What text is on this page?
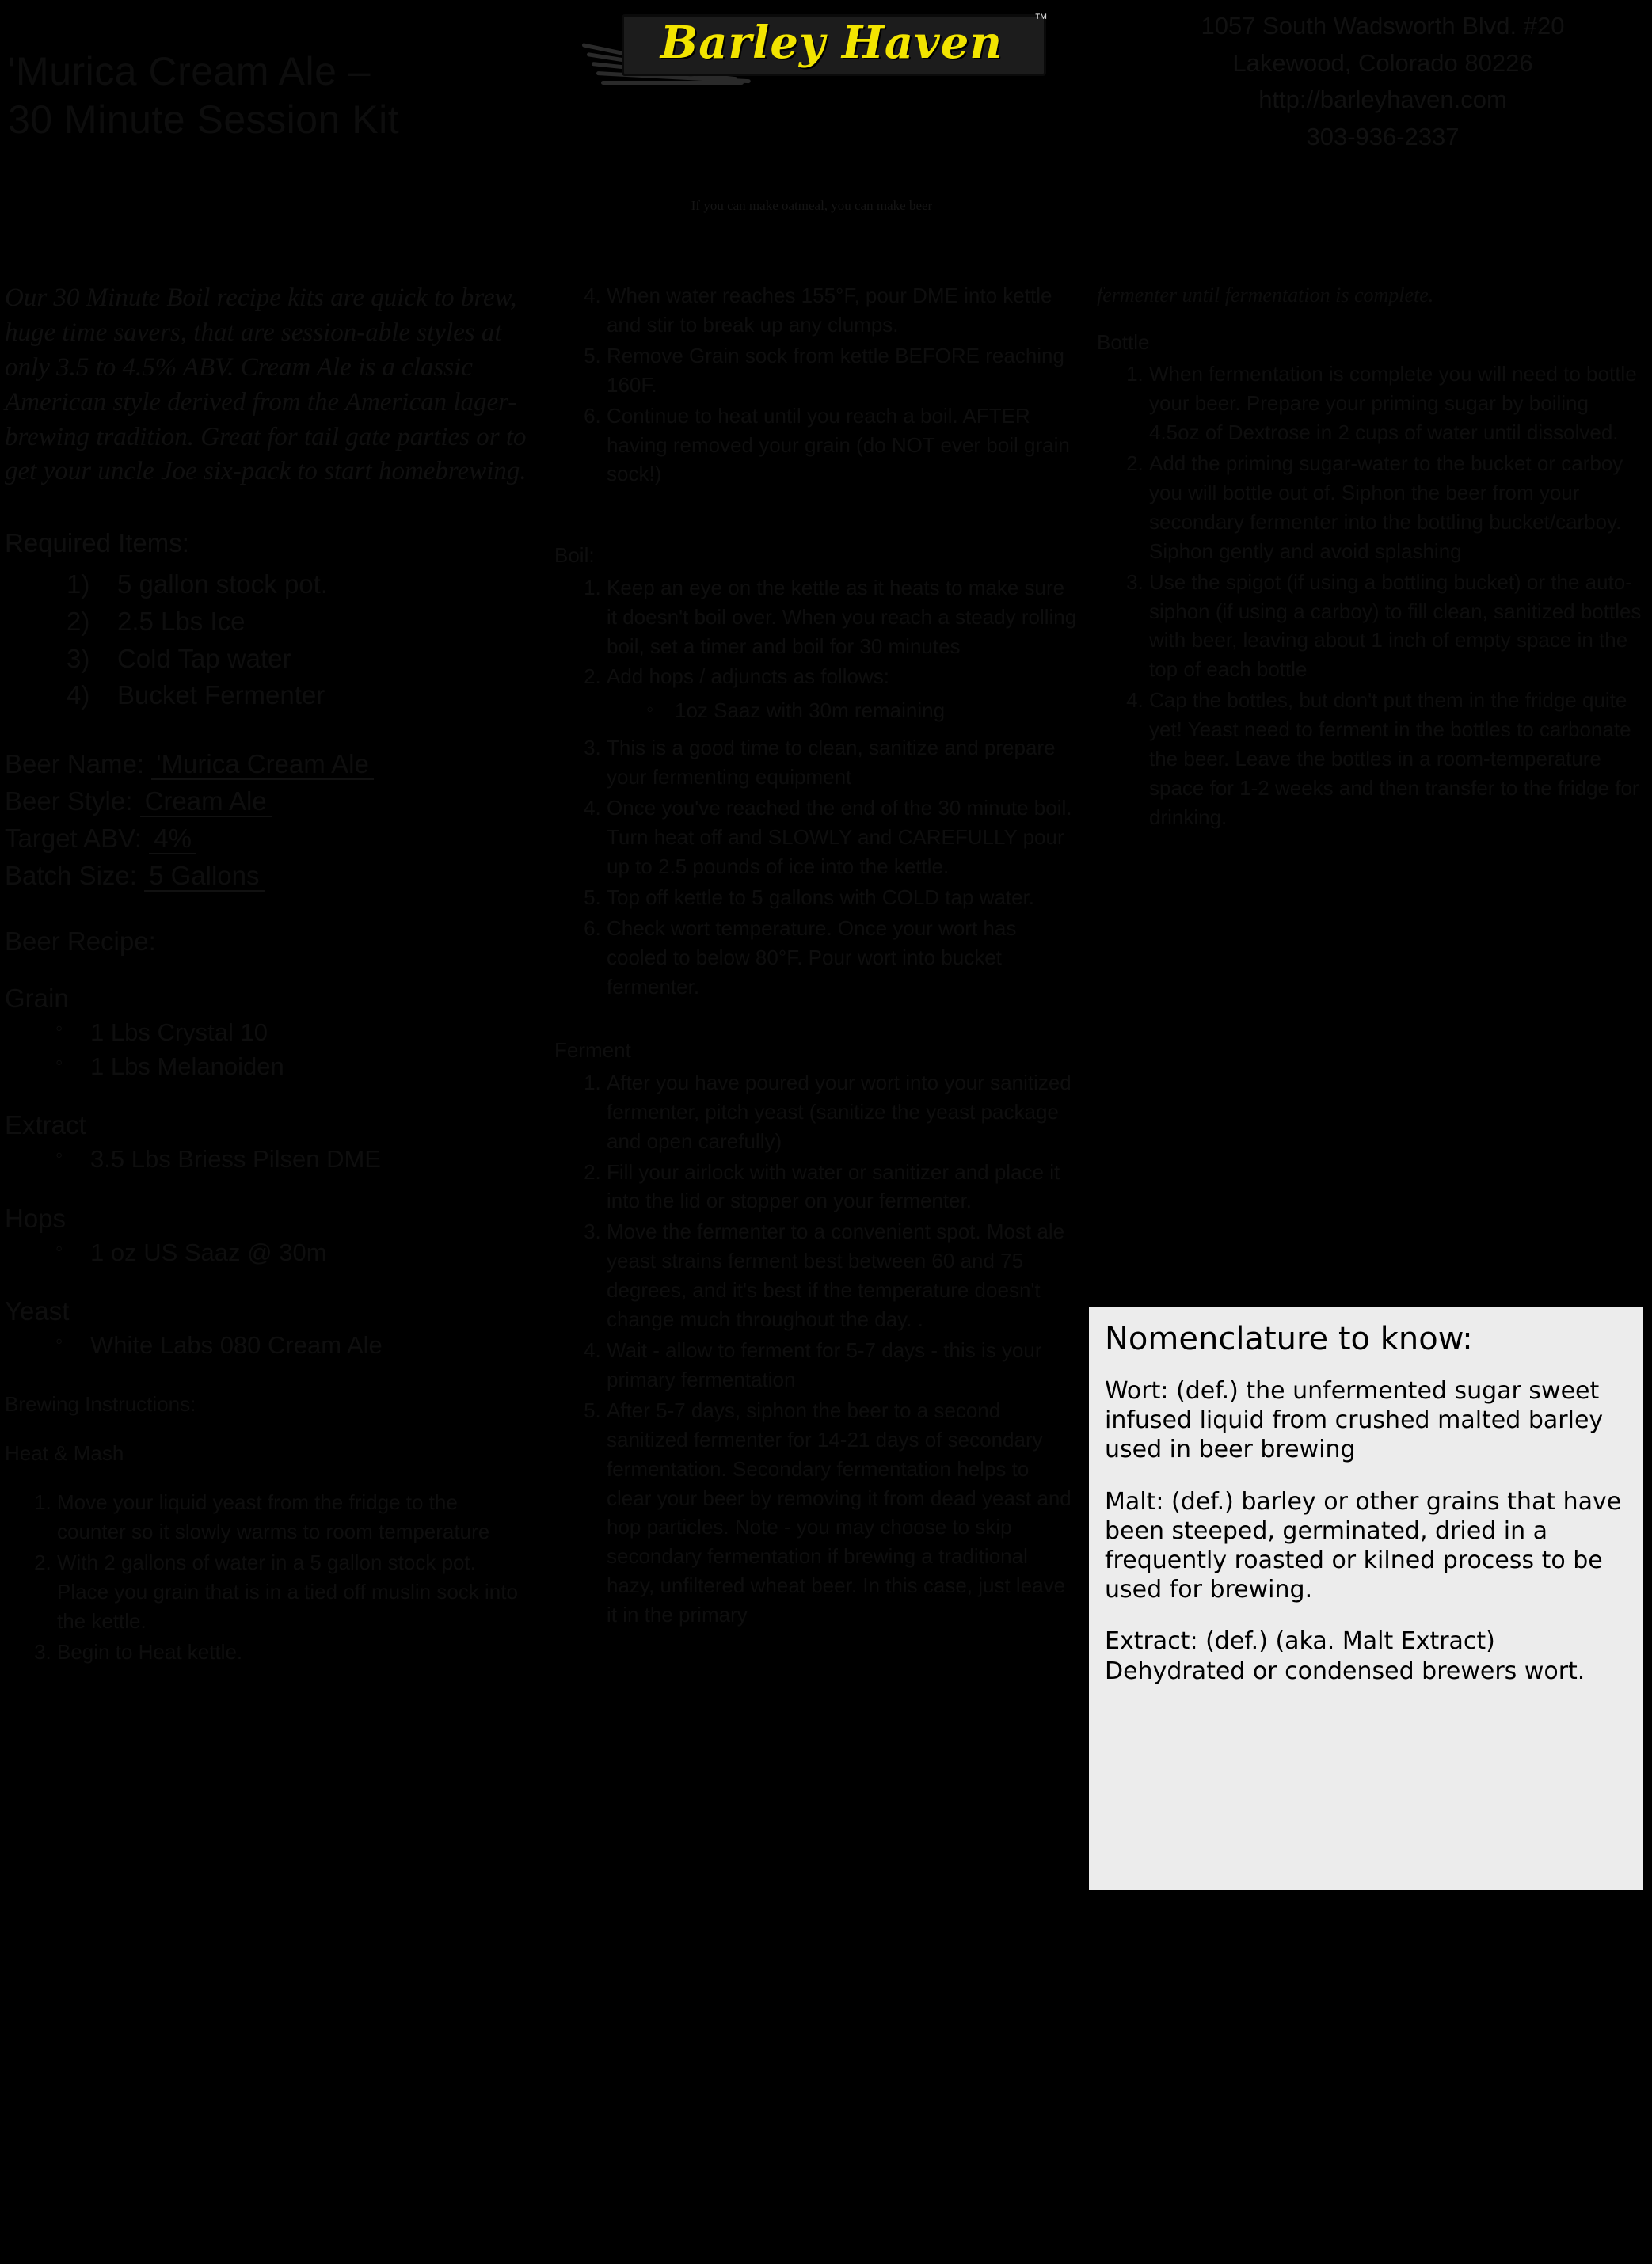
'Murica Cream Ale –
30 Minute Session Kit
Barley Haven	™
If you can make oatmeal, you can make beer
1057 South Wadsworth Blvd. #20
Lakewood, Colorado 80226
http://barleyhaven.com
303-936-2337

Our 30 Minute Boil recipe kits are quick to brew, huge time savers, that are session-able styles at only 3.5 to 4.5% ABV. Cream Ale is a classic American style derived from the American lager-brewing tradition. Great for tail gate parties or to get your uncle Joe six-pack to start homebrewing.

Required Items:
1) 5 gallon stock pot.
2) 2.5 Lbs Ice
3) Cold Tap water
4) Bucket Fermenter
Beer Name: 'Murica Cream Ale
Beer Style: Cream Ale
Target ABV: 4%
Batch Size: 5 Gallons
Beer Recipe:
Grain
◦ 1 Lbs Crystal 10
◦ 1 Lbs Melanoiden
Extract
◦ 3.5 Lbs Briess Pilsen DME
Hops
◦ 1 oz US Saaz @ 30m
Yeast
◦ White Labs 080 Cream Ale
Brewing Instructions:
Heat & Mash
1. Move your liquid yeast from the fridge to the counter so it slowly warms to room temperature
2. With 2 gallons of water in a 5 gallon stock pot. Place you grain that is in a tied off muslin sock into the kettle.
3. Begin to Heat kettle.
4. When water reaches 155°F, pour DME into kettle and stir to break up any clumps.
5. Remove Grain sock from kettle BEFORE reaching 160F.
6. Continue to heat until you reach a boil. AFTER having removed your grain (do NOT ever boil grain sock!)
Boil:
1. Keep an eye on the kettle as it heats to make sure it doesn't boil over. When you reach a steady rolling boil, set a timer and boil for 30 minutes
2. Add hops / adjuncts as follows:
◦ 1oz Saaz with 30m remaining
3. This is a good time to clean, sanitize and prepare your fermenting equipment
4. Once you've reached the end of the 30 minute boil. Turn heat off and SLOWLY and CAREFULLY pour up to 2.5 pounds of ice into the kettle.
5. Top off kettle to 5 gallons with COLD tap water.
6. Check wort temperature. Once your wort has cooled to below 80°F. Pour wort into bucket fermenter.
Ferment
1. After you have poured your wort into your sanitized fermenter, pitch yeast (sanitize the yeast package and open carefully)
2. Fill your airlock with water or sanitizer and place it into the lid or stopper on your fermenter.
3. Move the fermenter to a convenient spot. Most ale yeast strains ferment best between 60 and 75 degrees, and it's best if the temperature doesn't change much throughout the day. .
4. Wait - allow to ferment for 5-7 days - this is your primary fermentation
5. After 5-7 days, siphon the beer to a second sanitized fermenter for 14-21 days of secondary fermentation. Secondary fermentation helps to clear your beer by removing it from dead yeast and hop particles. Note - you may choose to skip secondary fermentation if brewing a traditional hazy, unfiltered wheat beer. In this case, just leave it in the primary

fermenter until fermentation is complete.

Bottle
1. When fermentation is complete you will need to bottle your beer. Prepare your priming sugar by boiling 4.5oz of Dextrose in 2 cups of water until dissolved.
2. Add the priming sugar-water to the bucket or carboy you will bottle out of. Siphon the beer from your secondary fermenter into the bottling bucket/carboy. Siphon gently and avoid splashing
3. Use the spigot (if using a bottling bucket) or the auto-siphon (if using a carboy) to fill clean, sanitized bottles with beer, leaving about 1 inch of empty space in the top of each bottle
4. Cap the bottles, but don't put them in the fridge quite yet! Yeast need to ferment in the bottles to carbonate the beer. Leave the bottles in a room-temperature space for 1-2 weeks and then transfer to the fridge for drinking.
Nomenclature to know:

Wort: (def.) the unfermented sugar sweet infused liquid from crushed malted barley used in beer brewing

Malt: (def.) barley or other grains that have been steeped, germinated, dried in a frequently roasted or kilned process to be used for brewing.

Extract: (def.) (aka. Malt Extract) Dehydrated or condensed brewers wort.
